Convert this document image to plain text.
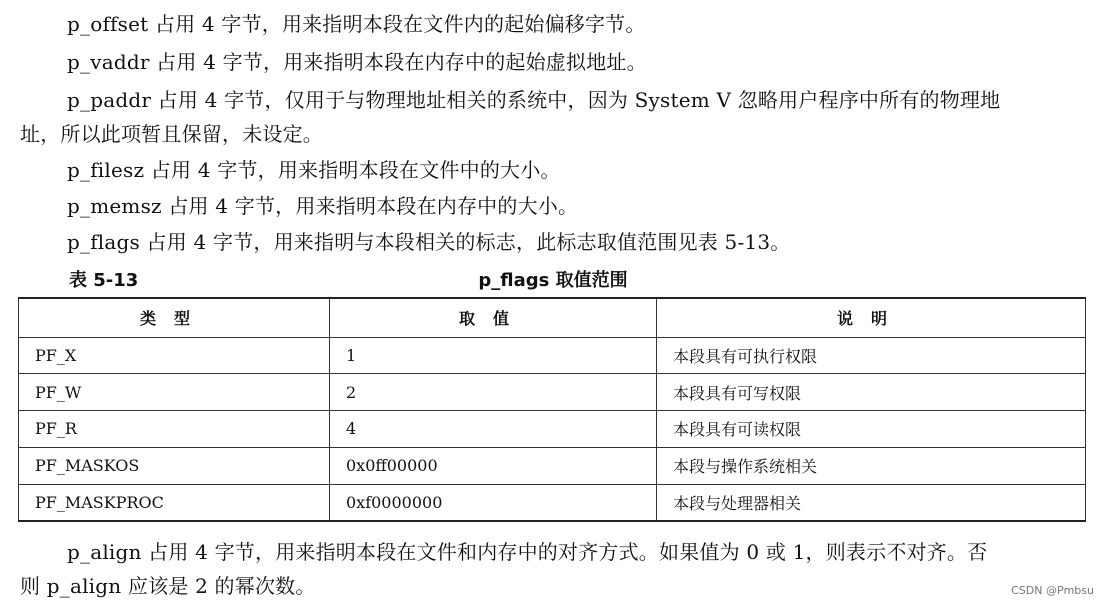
p_offset 占用 4 字节，用来指明本段在文件内的起始偏移字节。
p_vaddr 占用 4 字节，用来指明本段在内存中的起始虚拟地址。
p_paddr 占用 4 字节，仅用于与物理地址相关的系统中，因为 System V 忽略用户程序中所有的物理地
址，所以此项暂且保留，未设定。
p_filesz 占用 4 字节，用来指明本段在文件中的大小。
p_memsz 占用 4 字节，用来指明本段在内存中的大小。
p_flags 占用 4 字节，用来指明与本段相关的标志，此标志取值范围见表 5-13。
表 5-13	p_flags 取值范围
类型	取值	说明
PF_X	1	本段具有可执行权限
PF_W	2	本段具有可写权限
PF_R	4	本段具有可读权限
PF_MASKOS	0x0ff00000	本段与操作系统相关
PF_MASKPROC	0xf0000000	本段与处理器相关
p_align 占用 4 字节，用来指明本段在文件和内存中的对齐方式。如果值为 0 或 1，则表示不对齐。否
则 p_align 应该是 2 的幂次数。	CSDN @Pmbsu
